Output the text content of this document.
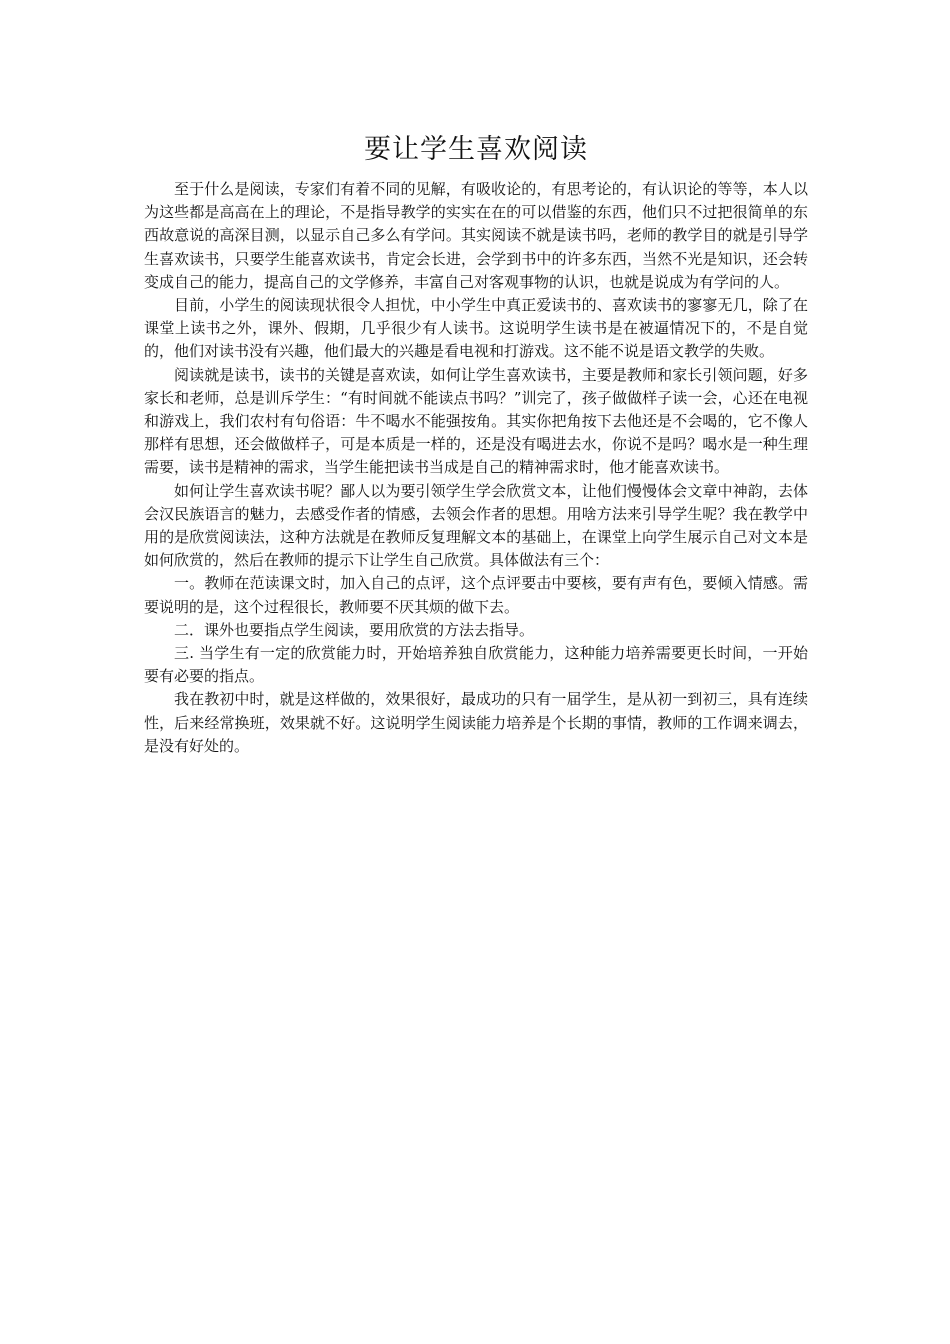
要让学生喜欢阅读

至于什么是阅读，专家们有着不同的见解，有吸收论的，有思考论的，有认识论的等等，本人以为这些都是高高在上的理论，不是指导教学的实实在在的可以借鉴的东西，他们只不过把很简单的东西故意说的高深目测，以显示自己多么有学问。其实阅读不就是读书吗，老师的教学目的就是引导学生喜欢读书，只要学生能喜欢读书，肯定会长进，会学到书中的许多东西，当然不光是知识，还会转变成自己的能力，提高自己的文学修养，丰富自己对客观事物的认识，也就是说成为有学问的人。

目前，小学生的阅读现状很令人担忧，中小学生中真正爱读书的、喜欢读书的寥寥无几，除了在课堂上读书之外，课外、假期，几乎很少有人读书。这说明学生读书是在被逼情况下的，不是自觉的，他们对读书没有兴趣，他们最大的兴趣是看电视和打游戏。这不能不说是语文教学的失败。

阅读就是读书，读书的关键是喜欢读，如何让学生喜欢读书，主要是教师和家长引领问题，好多家长和老师，总是训斥学生：“有时间就不能读点书吗？”训完了，孩子做做样子读一会，心还在电视和游戏上，我们农村有句俗语：牛不喝水不能强按角。其实你把角按下去他还是不会喝的，它不像人那样有思想，还会做做样子，可是本质是一样的，还是没有喝进去水，你说不是吗？喝水是一种生理需要，读书是精神的需求，当学生能把读书当成是自己的精神需求时，他才能喜欢读书。

如何让学生喜欢读书呢？鄙人以为要引领学生学会欣赏文本，让他们慢慢体会文章中神韵，去体会汉民族语言的魅力，去感受作者的情感，去领会作者的思想。用啥方法来引导学生呢？我在教学中用的是欣赏阅读法，这种方法就是在教师反复理解文本的基础上，在课堂上向学生展示自己对文本是如何欣赏的，然后在教师的提示下让学生自己欣赏。具体做法有三个：

一。教师在范读课文时，加入自己的点评，这个点评要击中要核，要有声有色，要倾入情感。需要说明的是，这个过程很长，教师要不厌其烦的做下去。

二．课外也要指点学生阅读，要用欣赏的方法去指导。

三. 当学生有一定的欣赏能力时，开始培养独自欣赏能力，这种能力培养需要更长时间，一开始要有必要的指点。

我在教初中时，就是这样做的，效果很好，最成功的只有一届学生，是从初一到初三，具有连续性，后来经常换班，效果就不好。这说明学生阅读能力培养是个长期的事情，教师的工作调来调去，是没有好处的。
